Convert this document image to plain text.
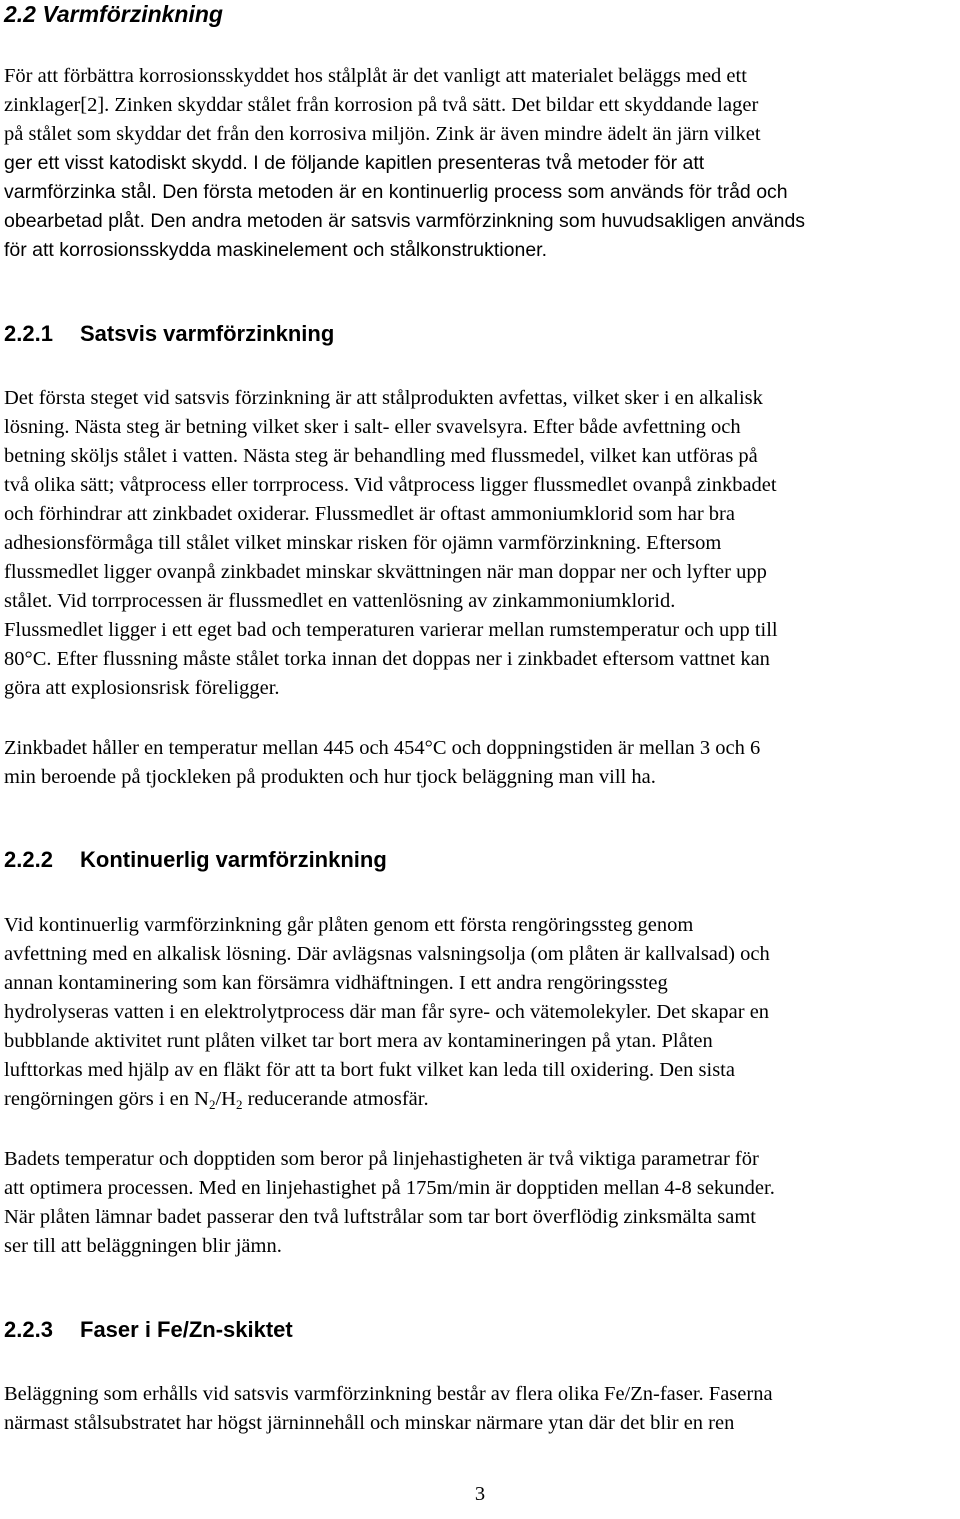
2.2 Varmförzinkning

För att förbättra korrosionsskyddet hos stålplåt är det vanligt att materialet beläggs med ett
zinklager[2]. Zinken skyddar stålet från korrosion på två sätt. Det bildar ett skyddande lager
på stålet som skyddar det från den korrosiva miljön. Zink är även mindre ädelt än järn vilket
ger ett visst katodiskt skydd. I de följande kapitlen presenteras två metoder för att
varmförzinka stål. Den första metoden är en kontinuerlig process som används för tråd och
obearbetad plåt. Den andra metoden är satsvis varmförzinkning som huvudsakligen används
för att korrosionsskydda maskinelement och stålkonstruktioner.

2.2.1 Satsvis varmförzinkning

Det första steget vid satsvis förzinkning är att stålprodukten avfettas, vilket sker i en alkalisk
lösning. Nästa steg är betning vilket sker i salt- eller svavelsyra. Efter både avfettning och
betning sköljs stålet i vatten. Nästa steg är behandling med flussmedel, vilket kan utföras på
två olika sätt; våtprocess eller torrprocess. Vid våtprocess ligger flussmedlet ovanpå zinkbadet
och förhindrar att zinkbadet oxiderar. Flussmedlet är oftast ammoniumklorid som har bra
adhesionsförmåga till stålet vilket minskar risken för ojämn varmförzinkning. Eftersom
flussmedlet ligger ovanpå zinkbadet minskar skvättningen när man doppar ner och lyfter upp
stålet. Vid torrprocessen är flussmedlet en vattenlösning av zinkammoniumklorid.
Flussmedlet ligger i ett eget bad och temperaturen varierar mellan rumstemperatur och upp till
80°C. Efter flussning måste stålet torka innan det doppas ner i zinkbadet eftersom vattnet kan
göra att explosionsrisk föreligger.

Zinkbadet håller en temperatur mellan 445 och 454°C och doppningstiden är mellan 3 och 6
min beroende på tjockleken på produkten och hur tjock beläggning man vill ha.

2.2.2 Kontinuerlig varmförzinkning

Vid kontinuerlig varmförzinkning går plåten genom ett första rengöringssteg genom
avfettning med en alkalisk lösning. Där avlägsnas valsningsolja (om plåten är kallvalsad) och
annan kontaminering som kan försämra vidhäftningen. I ett andra rengöringssteg
hydrolyseras vatten i en elektrolytprocess där man får syre- och vätemolekyler. Det skapar en
bubblande aktivitet runt plåten vilket tar bort mera av kontamineringen på ytan. Plåten
lufttorkas med hjälp av en fläkt för att ta bort fukt vilket kan leda till oxidering. Den sista
rengörningen görs i en $N_2/H_2$ reducerande atmosfär.

Badets temperatur och dopptiden som beror på linjehastigheten är två viktiga parametrar för
att optimera processen. Med en linjehastighet på 175m/min är dopptiden mellan 4-8 sekunder.
När plåten lämnar badet passerar den två luftstrålar som tar bort överflödig zinksmälta samt
ser till att beläggningen blir jämn.

2.2.3 Faser i Fe/Zn-skiktet

Beläggning som erhålls vid satsvis varmförzinkning består av flera olika Fe/Zn-faser. Faserna
närmast stålsubstratet har högst järninnehåll och minskar närmare ytan där det blir en ren

3
